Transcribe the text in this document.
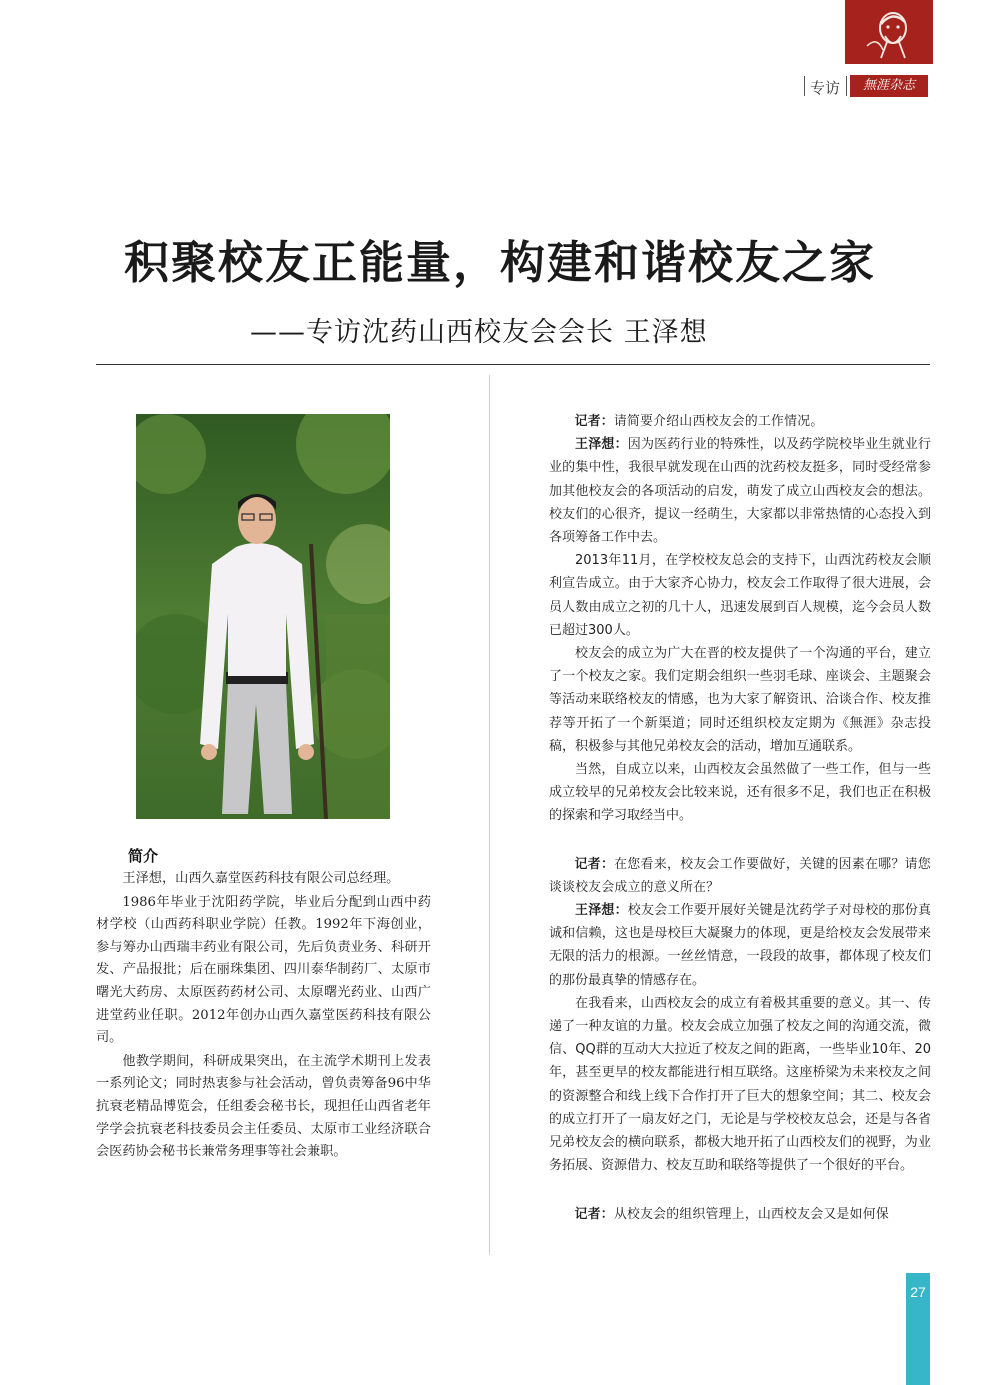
专访	無涯杂志
积聚校友正能量，构建和谐校友之家
——专访沈药山西校友会会长 王泽想
简介

王泽想，山西久嘉堂医药科技有限公司总经理。

1986年毕业于沈阳药学院，毕业后分配到山西中药材学校（山西药科职业学院）任教。1992年下海创业，参与筹办山西瑞丰药业有限公司，先后负责业务、科研开发、产品报批；后在丽珠集团、四川泰华制药厂、太原市曙光大药房、太原医药药材公司、太原曙光药业、山西广进堂药业任职。2012年创办山西久嘉堂医药科技有限公司。

他教学期间，科研成果突出，在主流学术期刊上发表一系列论文；同时热衷参与社会活动，曾负责筹备96中华抗衰老精品博览会，任组委会秘书长，现担任山西省老年学学会抗衰老科技委员会主任委员、太原市工业经济联合会医药协会秘书长兼常务理事等社会兼职。

记者：请简要介绍山西校友会的工作情况。

王泽想：因为医药行业的特殊性，以及药学院校毕业生就业行业的集中性，我很早就发现在山西的沈药校友挺多，同时受经常参加其他校友会的各项活动的启发，萌发了成立山西校友会的想法。校友们的心很齐，提议一经萌生，大家都以非常热情的心态投入到各项筹备工作中去。

2013年11月，在学校校友总会的支持下，山西沈药校友会顺利宣告成立。由于大家齐心协力，校友会工作取得了很大进展，会员人数由成立之初的几十人，迅速发展到百人规模，迄今会员人数已超过300人。

校友会的成立为广大在晋的校友提供了一个沟通的平台，建立了一个校友之家。我们定期会组织一些羽毛球、座谈会、主题聚会等活动来联络校友的情感，也为大家了解资讯、洽谈合作、校友推荐等开拓了一个新渠道；同时还组织校友定期为《無涯》杂志投稿，积极参与其他兄弟校友会的活动，增加互通联系。

当然，自成立以来，山西校友会虽然做了一些工作，但与一些成立较早的兄弟校友会比较来说，还有很多不足，我们也正在积极的探索和学习取经当中。

记者：在您看来，校友会工作要做好，关键的因素在哪？请您谈谈校友会成立的意义所在？

王泽想：校友会工作要开展好关键是沈药学子对母校的那份真诚和信赖，这也是母校巨大凝聚力的体现，更是给校友会发展带来无限的活力的根源。一丝丝情意，一段段的故事，都体现了校友们的那份最真挚的情感存在。

在我看来，山西校友会的成立有着极其重要的意义。其一、传递了一种友谊的力量。校友会成立加强了校友之间的沟通交流，微信、QQ群的互动大大拉近了校友之间的距离，一些毕业10年、20年，甚至更早的校友都能进行相互联络。这座桥梁为未来校友之间的资源整合和线上线下合作打开了巨大的想象空间；其二、校友会的成立打开了一扇友好之门，无论是与学校校友总会，还是与各省兄弟校友会的横向联系，都极大地开拓了山西校友们的视野，为业务拓展、资源借力、校友互助和联络等提供了一个很好的平台。

记者：从校友会的组织管理上，山西校友会又是如何保

27
